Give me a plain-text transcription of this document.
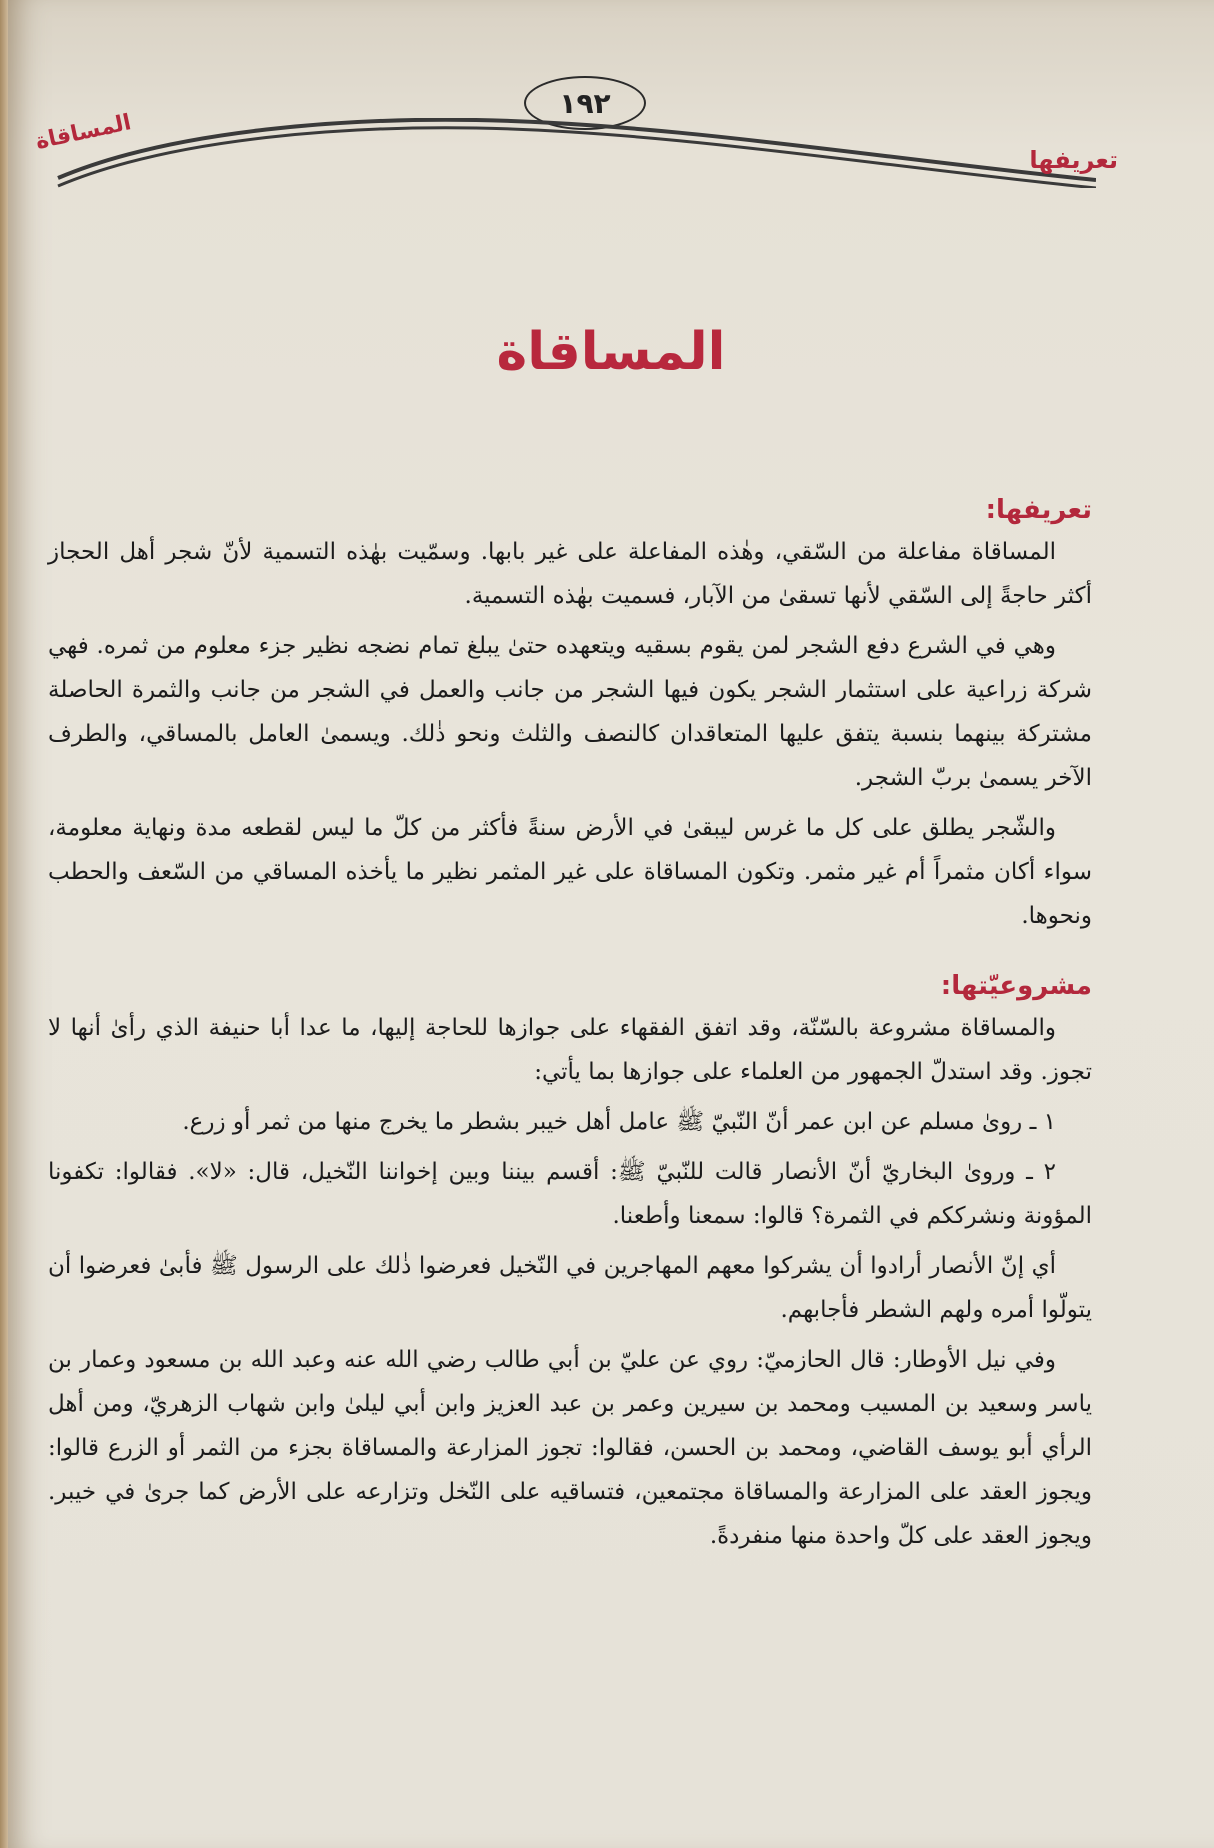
١٩٢
المساقاة
تعريفها
المساقاة

تعريفها:

المساقاة مفاعلة من السّقي، وهٰذه المفاعلة على غير بابها. وسمّيت بهٰذه التسمية لأنّ شجر أهل الحجاز أكثر حاجةً إلى السّقي لأنها تسقىٰ من الآبار، فسميت بهٰذه التسمية.

وهي في الشرع دفع الشجر لمن يقوم بسقيه ويتعهده حتىٰ يبلغ تمام نضجه نظير جزء معلوم من ثمره. فهي شركة زراعية على استثمار الشجر يكون فيها الشجر من جانب والعمل في الشجر من جانب والثمرة الحاصلة مشتركة بينهما بنسبة يتفق عليها المتعاقدان كالنصف والثلث ونحو ذٰلك. ويسمىٰ العامل بالمساقي، والطرف الآخر يسمىٰ بربّ الشجر.

والشّجر يطلق على كل ما غرس ليبقىٰ في الأرض سنةً فأكثر من كلّ ما ليس لقطعه مدة ونهاية معلومة، سواء أكان مثمراً أم غير مثمر. وتكون المساقاة على غير المثمر نظير ما يأخذه المساقي من السّعف والحطب ونحوها.

مشروعيّتها:

والمساقاة مشروعة بالسّنّة، وقد اتفق الفقهاء على جوازها للحاجة إليها، ما عدا أبا حنيفة الذي رأىٰ أنها لا تجوز. وقد استدلّ الجمهور من العلماء على جوازها بما يأتي:

١ ـ روىٰ مسلم عن ابن عمر أنّ النّبيّ ﷺ عامل أهل خيبر بشطر ما يخرج منها من ثمر أو زرع.

٢ ـ وروىٰ البخاريّ أنّ الأنصار قالت للنّبيّ ﷺ: أقسم بيننا وبين إخواننا النّخيل، قال: «لا». فقالوا: تكفونا المؤونة ونشرككم في الثمرة؟ قالوا: سمعنا وأطعنا.

أي إنّ الأنصار أرادوا أن يشركوا معهم المهاجرين في النّخيل فعرضوا ذٰلك على الرسول ﷺ فأبىٰ فعرضوا أن يتولّوا أمره ولهم الشطر فأجابهم.

وفي نيل الأوطار: قال الحازميّ: روي عن عليّ بن أبي طالب رضي الله عنه وعبد الله بن مسعود وعمار بن ياسر وسعيد بن المسيب ومحمد بن سيرين وعمر بن عبد العزيز وابن أبي ليلىٰ وابن شهاب الزهريّ، ومن أهل الرأي أبو يوسف القاضي، ومحمد بن الحسن، فقالوا: تجوز المزارعة والمساقاة بجزء من الثمر أو الزرع قالوا: ويجوز العقد على المزارعة والمساقاة مجتمعين، فتساقيه على النّخل وتزارعه على الأرض كما جرىٰ في خيبر. ويجوز العقد على كلّ واحدة منها منفردةً.
